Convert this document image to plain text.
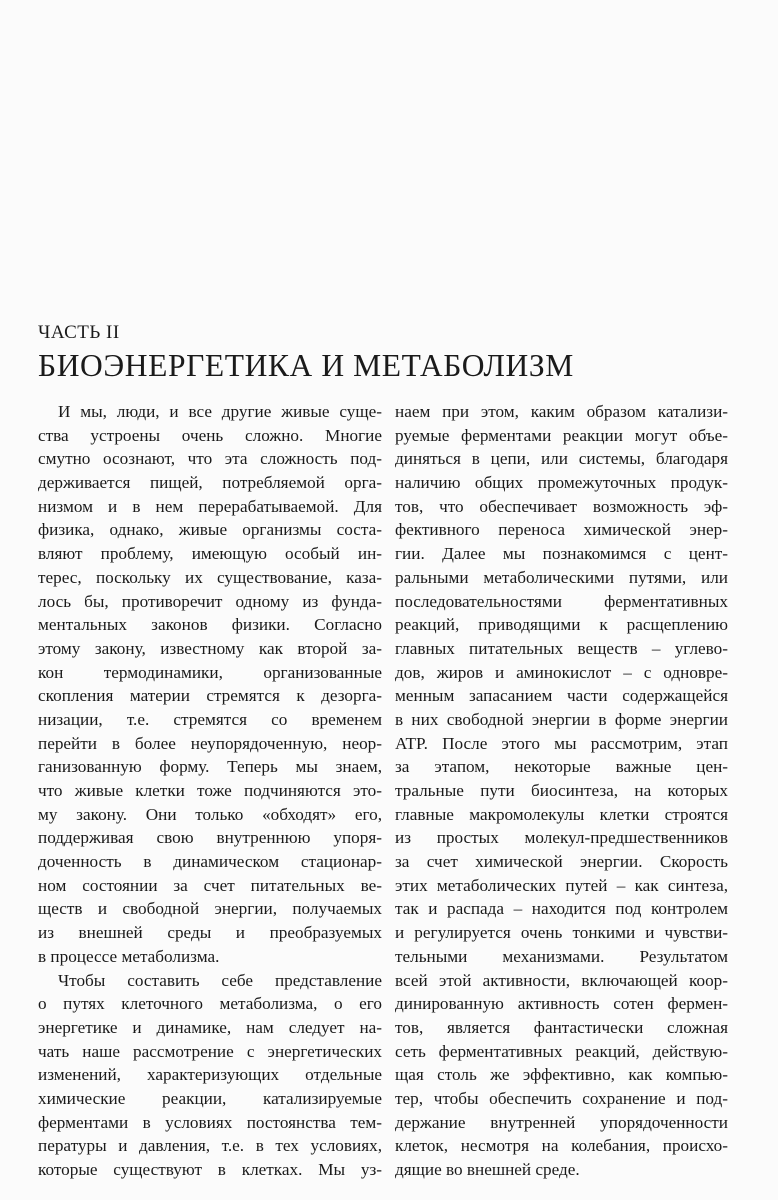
ЧАСТЬ II
БИОЭНЕРГЕТИКА И МЕТАБОЛИЗМ
И мы, люди, и все другие живые суще-
ства устроены очень сложно. Многие
смутно осознают, что эта сложность под-
держивается пищей, потребляемой орга-
низмом и в нем перерабатываемой. Для
физика, однако, живые организмы соста-
вляют проблему, имеющую особый ин-
терес, поскольку их существование, каза-
лось бы, противоречит одному из фунда-
ментальных законов физики. Согласно
этому закону, известному как второй за-
кон термодинамики, организованные
скопления материи стремятся к дезорга-
низации, т.е. стремятся со временем
перейти в более неупорядоченную, неор-
ганизованную форму. Теперь мы знаем,
что живые клетки тоже подчиняются это-
му закону. Они только «обходят» его,
поддерживая свою внутреннюю упоря-
доченность в динамическом стационар-
ном состоянии за счет питательных ве-
ществ и свободной энергии, получаемых
из внешней среды и преобразуемых
в процессе метаболизма.
Чтобы составить себе представление
о путях клеточного метаболизма, о его
энергетике и динамике, нам следует на-
чать наше рассмотрение с энергетических
изменений, характеризующих отдельные
химические реакции, катализируемые
ферментами в условиях постоянства тем-
пературы и давления, т.е. в тех условиях,
которые существуют в клетках. Мы уз-
наем при этом, каким образом катализи-
руемые ферментами реакции могут объе-
диняться в цепи, или системы, благодаря
наличию общих промежуточных продук-
тов, что обеспечивает возможность эф-
фективного переноса химической энер-
гии. Далее мы познакомимся с цент-
ральными метаболическими путями, или
последовательностями ферментативных
реакций, приводящими к расщеплению
главных питательных веществ – углево-
дов, жиров и аминокислот – с одновре-
менным запасанием части содержащейся
в них свободной энергии в форме энергии
ATP. После этого мы рассмотрим, этап
за этапом, некоторые важные цен-
тральные пути биосинтеза, на которых
главные макромолекулы клетки строятся
из простых молекул-предшественников
за счет химической энергии. Скорость
этих метаболических путей – как синтеза,
так и распада – находится под контролем
и регулируется очень тонкими и чувстви-
тельными механизмами. Результатом
всей этой активности, включающей коор-
динированную активность сотен фермен-
тов, является фантастически сложная
сеть ферментативных реакций, действую-
щая столь же эффективно, как компью-
тер, чтобы обеспечить сохранение и под-
держание внутренней упорядоченности
клеток, несмотря на колебания, происхо-
дящие во внешней среде.
